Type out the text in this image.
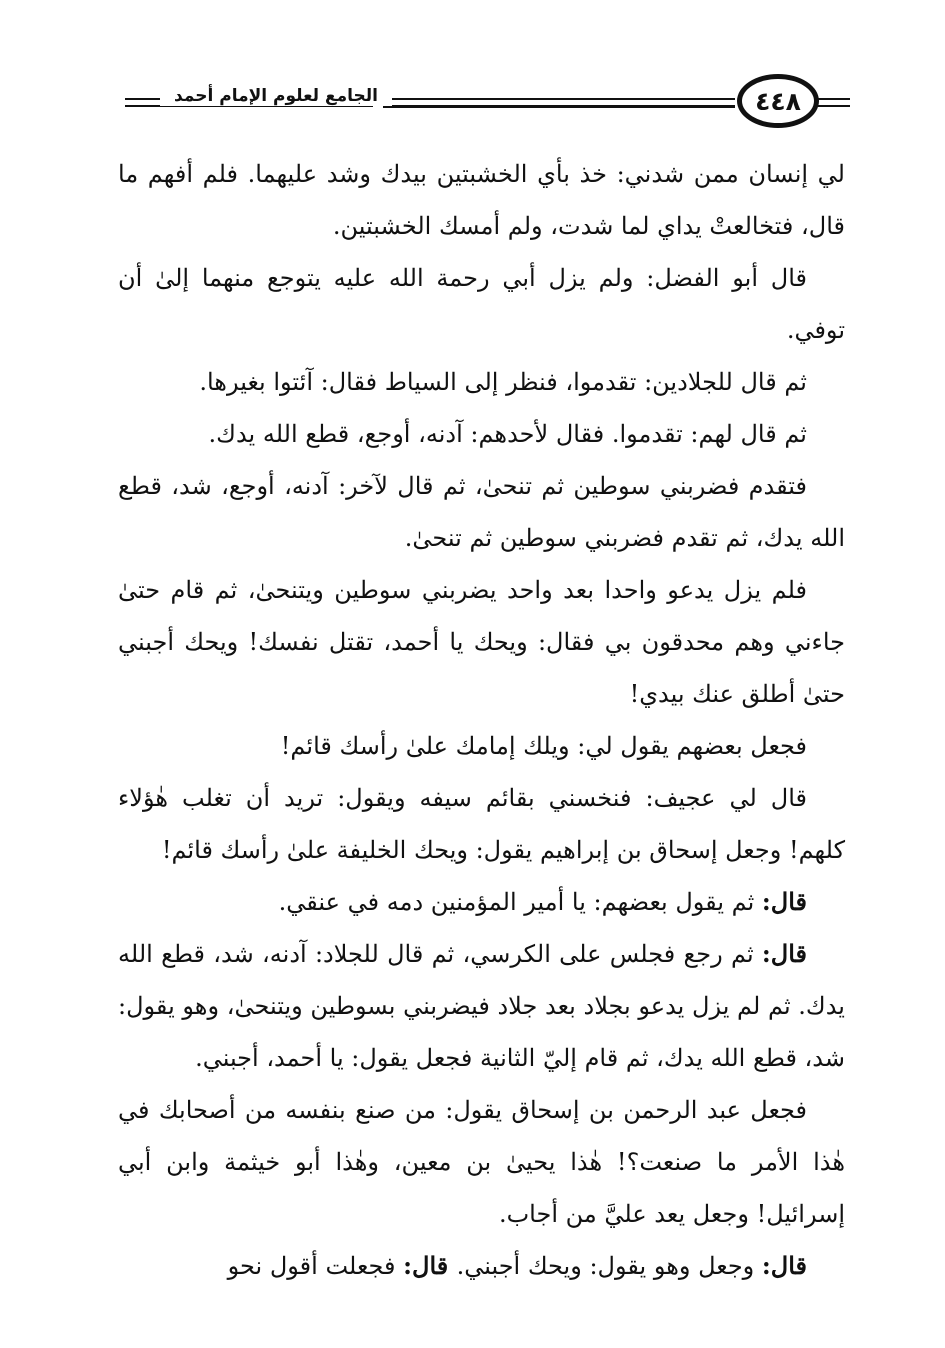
الجامع لعلوم الإمام أحمد	٤٤٨

لي إنسان ممن شدني: خذ بأي الخشبتين بيدك وشد عليهما. فلم أفهم ما قال، فتخالعتْ يداي لما شدت، ولم أمسك الخشبتين.

قال أبو الفضل: ولم يزل أبي رحمة الله عليه يتوجع منهما إلىٰ أن توفي.

ثم قال للجلادين: تقدموا، فنظر إلى السياط فقال: آئتوا بغيرها.

ثم قال لهم: تقدموا. فقال لأحدهم: آدنه، أوجع، قطع الله يدك.

فتقدم فضربني سوطين ثم تنحىٰ، ثم قال لآخر: آدنه، أوجع، شد، قطع الله يدك، ثم تقدم فضربني سوطين ثم تنحىٰ.

فلم يزل يدعو واحدا بعد واحد يضربني سوطين ويتنحىٰ، ثم قام حتىٰ جاءني وهم محدقون بي فقال: ويحك يا أحمد، تقتل نفسك! ويحك أجبني حتىٰ أطلق عنك بيدي!

فجعل بعضهم يقول لي: ويلك إمامك علىٰ رأسك قائم!

قال لي عجيف: فنخسني بقائم سيفه ويقول: تريد أن تغلب هٰؤلاء كلهم! وجعل إسحاق بن إبراهيم يقول: ويحك الخليفة علىٰ رأسك قائم!

قال: ثم يقول بعضهم: يا أمير المؤمنين دمه في عنقي.

قال: ثم رجع فجلس على الكرسي، ثم قال للجلاد: آدنه، شد، قطع الله يدك. ثم لم يزل يدعو بجلاد بعد جلاد فيضربني بسوطين ويتنحىٰ، وهو يقول: شد، قطع الله يدك، ثم قام إليّ الثانية فجعل يقول: يا أحمد، أجبني.

فجعل عبد الرحمن بن إسحاق يقول: من صنع بنفسه من أصحابك في هٰذا الأمر ما صنعت؟! هٰذا يحيىٰ بن معين، وهٰذا أبو خيثمة وابن أبي إسرائيل! وجعل يعد عليَّ من أجاب.

قال: وجعل وهو يقول: ويحك أجبني. قال: فجعلت أقول نحو
